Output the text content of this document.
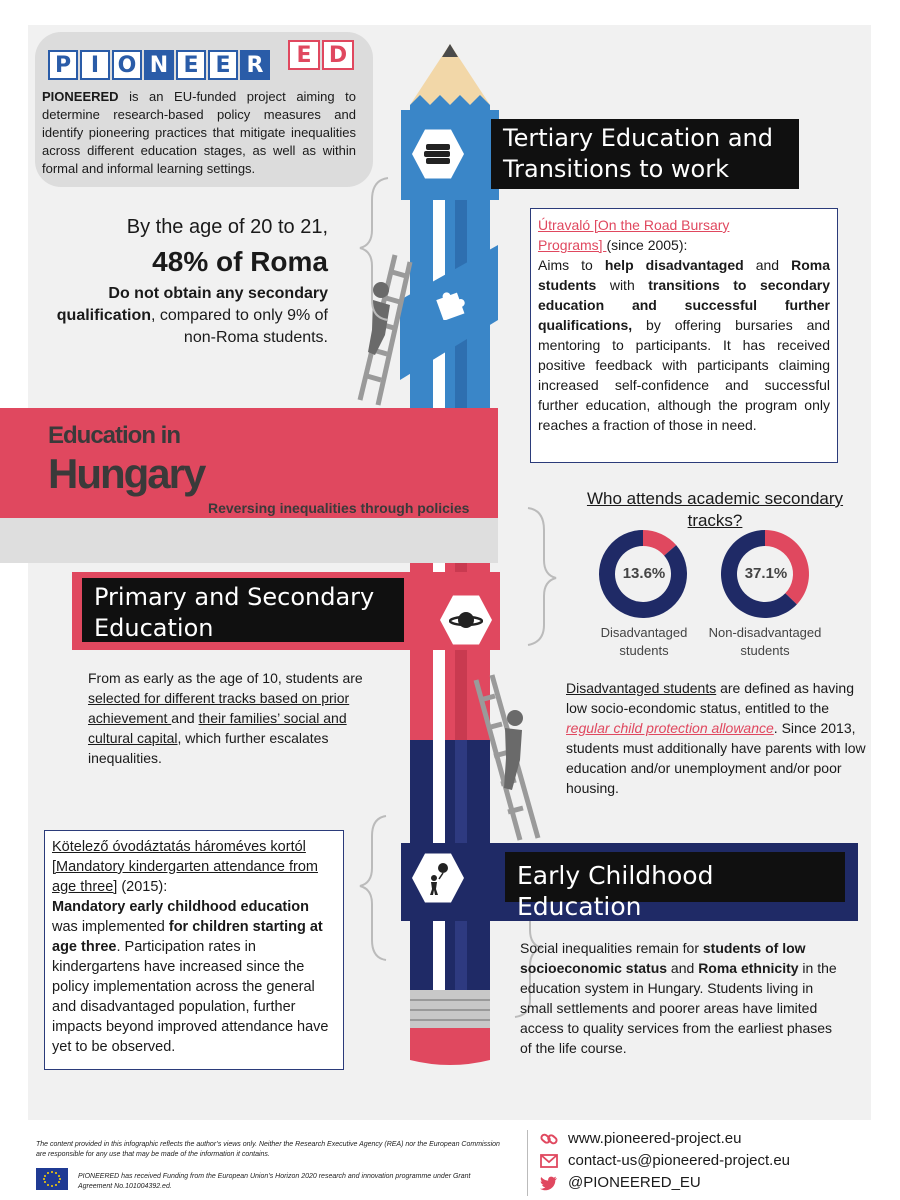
Tertiary Education and
Transitions to work
P I O N E E R	E D
PIONEERED is an EU-funded project aiming to determine research-based policy measures and identify pioneering practices that mitigate inequalities across different education stages, as well as within formal and informal learning settings.
By the age of 20 to 21,
48% of Roma
Do not obtain any secondary qualification, compared to only 9% of non-Roma students.
Útravaló [On the Road Bursary
Programs] (since 2005):
Aims to help disadvantaged and Roma students with transitions to secondary education and successful further qualifications, by offering bursaries and mentoring to participants. It has received positive feedback with participants claiming increased self-confidence and successful further education, although the program only reaches a fraction of those in need.
Education in
Hungary
Reversing inequalities through policies	Who attends academic secondary
tracks?
13.6%	37.1%
Disadvantaged
students
Non-disadvantaged
students
Primary and Secondary
Education
From as early as the age of 10, students are selected for different tracks based on prior achievement and their families’ social and cultural capital, which further escalates inequalities.
Disadvantaged students are defined as having low socio-econdomic status, entitled to the regular child protection allowance. Since 2013, students must additionally have parents with low education and/or unemployment and/or poor housing.
Kötelező óvodáztatás hároméves kortól [Mandatory kindergarten attendance from age three] (2015):
Mandatory early childhood education was implemented for children starting at age three. Participation rates in kindergartens have increased since the policy implementation across the general and disadvantaged population, further impacts beyond improved attendance have yet to be observed.
Early Childhood Education
Social inequalities remain for students of low socioeconomic status and Roma ethnicity in the education system in Hungary. Students living in small settlements and poorer areas have limited access to quality services from the earliest phases of the life course.
The content provided in this infographic reflects the author’s views only. Neither the Research Executive Agency (REA) nor the European Commission are responsible for any use that may be made of the information it contains.
PIONEERED has received Funding from the European Union’s Horizon 2020 research and innovation programme under Grant Agreement No.101004392.ed.
www.pioneered-project.eu
contact-us@pioneered-project.eu
@PIONEERED_EU
